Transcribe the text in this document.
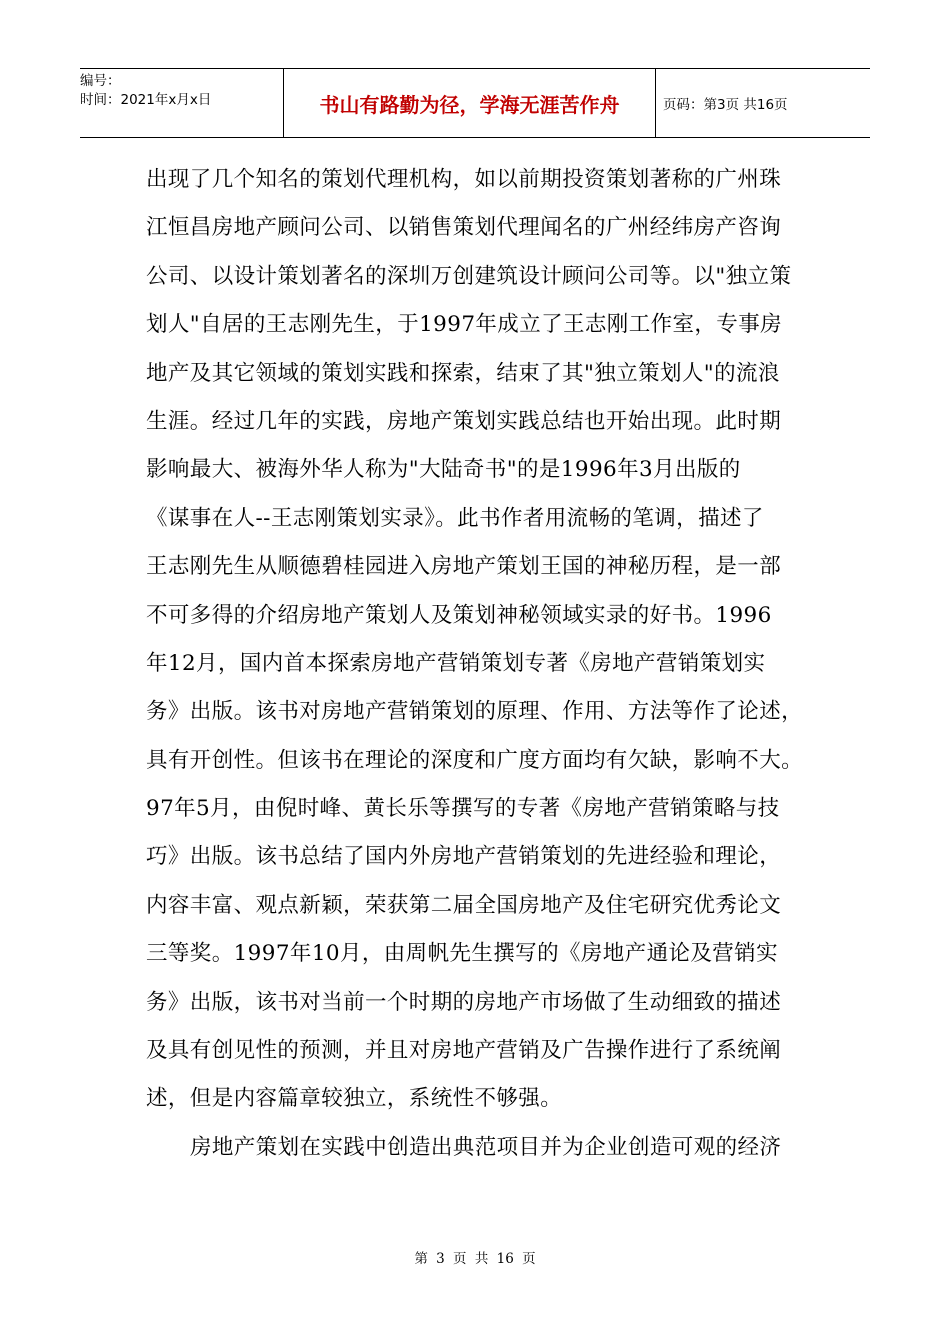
编号：
时间：2021年x月x日	书山有路勤为径，学海无涯苦作舟	页码：第3页 共16页
出现了几个知名的策划代理机构，如以前期投资策划著称的广州珠
江恒昌房地产顾问公司、以销售策划代理闻名的广州经纬房产咨询
公司、以设计策划著名的深圳万创建筑设计顾问公司等。以"独立策
划人"自居的王志刚先生，于1997年成立了王志刚工作室，专事房
地产及其它领域的策划实践和探索，结束了其"独立策划人"的流浪
生涯。经过几年的实践，房地产策划实践总结也开始出现。此时期
影响最大、被海外华人称为"大陆奇书"的是1996年3月出版的
《谋事在人--王志刚策划实录》。此书作者用流畅的笔调，描述了
王志刚先生从顺德碧桂园进入房地产策划王国的神秘历程，是一部
不可多得的介绍房地产策划人及策划神秘领域实录的好书。1996
年12月，国内首本探索房地产营销策划专著《房地产营销策划实
务》出版。该书对房地产营销策划的原理、作用、方法等作了论述，
具有开创性。但该书在理论的深度和广度方面均有欠缺，影响不大。
97年5月，由倪时峰、黄长乐等撰写的专著《房地产营销策略与技
巧》出版。该书总结了国内外房地产营销策划的先进经验和理论，
内容丰富、观点新颖，荣获第二届全国房地产及住宅研究优秀论文
三等奖。1997年10月，由周帆先生撰写的《房地产通论及营销实
务》出版，该书对当前一个时期的房地产市场做了生动细致的描述
及具有创见性的预测，并且对房地产营销及广告操作进行了系统阐
述，但是内容篇章较独立，系统性不够强。
房地产策划在实践中创造出典范项目并为企业创造可观的经济
第 3 页 共 16 页
